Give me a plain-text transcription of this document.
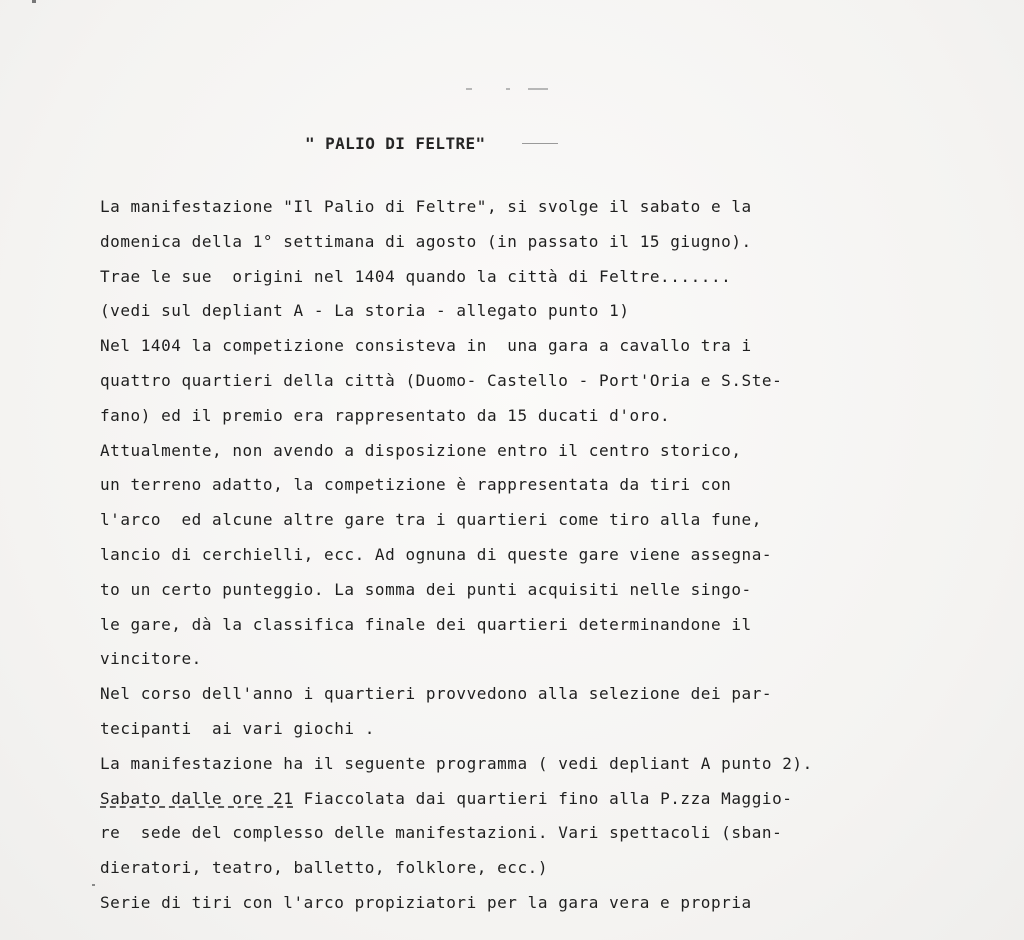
" PALIO DI FELTRE"
La manifestazione "Il Palio di Feltre", si svolge il sabato e la
domenica della 1° settimana di agosto (in passato il 15 giugno).
Trae le sue  origini nel 1404 quando la città di Feltre.......
(vedi sul depliant A - La storia - allegato punto 1)
Nel 1404 la competizione consisteva in  una gara a cavallo tra i
quattro quartieri della città (Duomo- Castello - Port'Oria e S.Ste-
fano) ed il premio era rappresentato da 15 ducati d'oro.
Attualmente, non avendo a disposizione entro il centro storico,
un terreno adatto, la competizione è rappresentata da tiri con
l'arco  ed alcune altre gare tra i quartieri come tiro alla fune,
lancio di cerchielli, ecc. Ad ognuna di queste gare viene assegna-
to un certo punteggio. La somma dei punti acquisiti nelle singo-
le gare, dà la classifica finale dei quartieri determinandone il
vincitore.
Nel corso dell'anno i quartieri provvedono alla selezione dei par-
tecipanti  ai vari giochi .
La manifestazione ha il seguente programma ( vedi depliant A punto 2).
Sabato dalle ore 21 Fiaccolata dai quartieri fino alla P.zza Maggio-
re  sede del complesso delle manifestazioni. Vari spettacoli (sban-
dieratori, teatro, balletto, folklore, ecc.)
Serie di tiri con l'arco propiziatori per la gara vera e propria
